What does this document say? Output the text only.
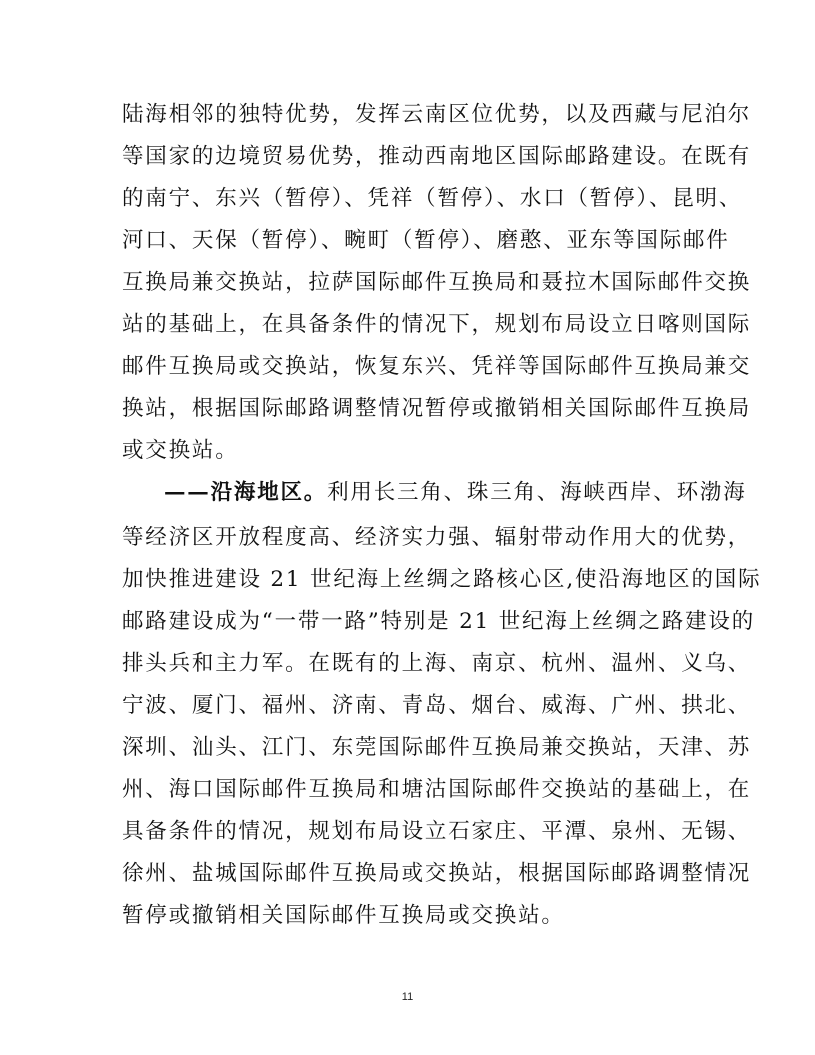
陆海相邻的独特优势，发挥云南区位优势，以及西藏与尼泊尔
等国家的边境贸易优势，推动西南地区国际邮路建设。在既有
的南宁、东兴（暂停）、凭祥（暂停）、水口（暂停）、昆明、
河口、天保（暂停）、畹町（暂停）、磨憨、亚东等国际邮件
互换局兼交换站，拉萨国际邮件互换局和聂拉木国际邮件交换
站的基础上，在具备条件的情况下，规划布局设立日喀则国际
邮件互换局或交换站，恢复东兴、凭祥等国际邮件互换局兼交
换站，根据国际邮路调整情况暂停或撤销相关国际邮件互换局
或交换站。
——沿海地区。利用长三角、珠三角、海峡西岸、环渤海
等经济区开放程度高、经济实力强、辐射带动作用大的优势，
加快推进建设 21 世纪海上丝绸之路核心区,使沿海地区的国际
邮路建设成为“一带一路”特别是 21 世纪海上丝绸之路建设的
排头兵和主力军。在既有的上海、南京、杭州、温州、义乌、
宁波、厦门、福州、济南、青岛、烟台、威海、广州、拱北、
深圳、汕头、江门、东莞国际邮件互换局兼交换站，天津、苏
州、海口国际邮件互换局和塘沽国际邮件交换站的基础上，在
具备条件的情况，规划布局设立石家庄、平潭、泉州、无锡、
徐州、盐城国际邮件互换局或交换站，根据国际邮路调整情况
暂停或撤销相关国际邮件互换局或交换站。
11
